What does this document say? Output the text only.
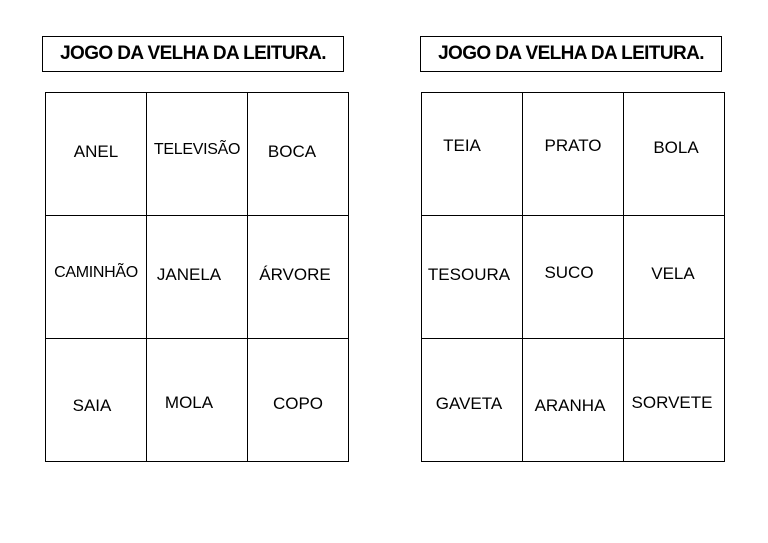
JOGO DA VELHA DA LEITURA.
ANEL	TELEVISÃO	BOCA
CAMINHÃO	JANELA	ÁRVORE
SAIA	MOLA	COPO
JOGO DA VELHA DA LEITURA.
TEIA	PRATO	BOLA
TESOURA	SUCO	VELA
GAVETA	ARANHA	SORVETE
